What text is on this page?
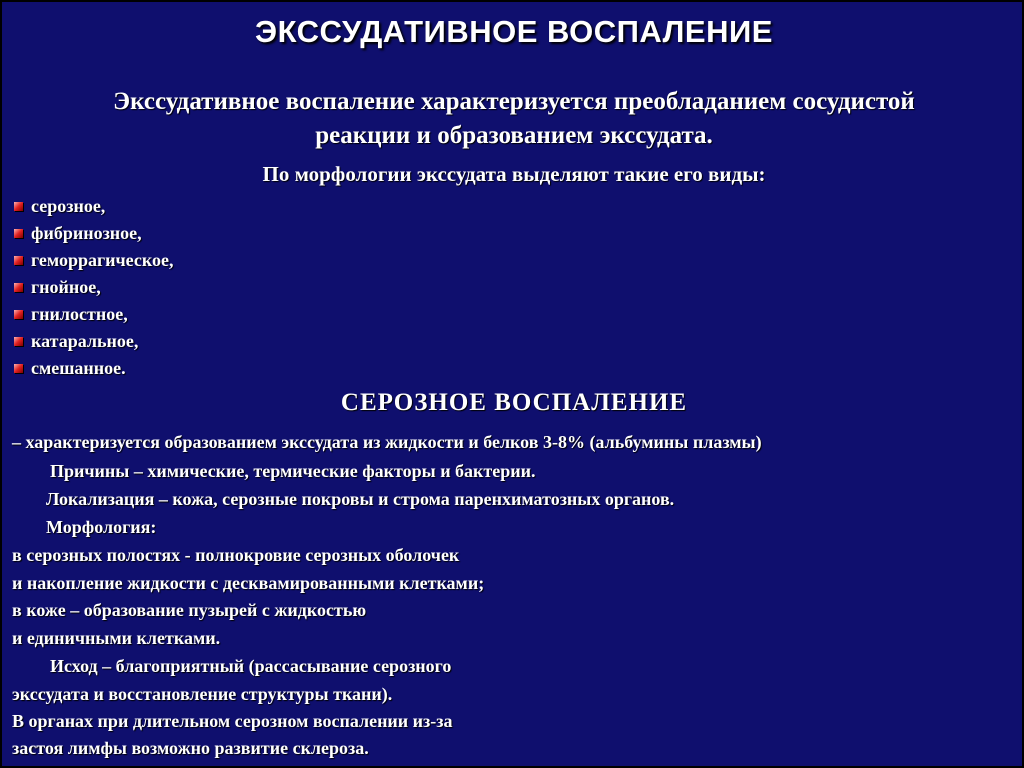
ЭКССУДАТИВНОЕ ВОСПАЛЕНИЕ
Экссудативное воспаление характеризуется преобладанием сосудистой
реакции и образованием экссудата.
По морфологии экссудата выделяют такие его виды:
серозное,
фибринозное,
геморрагическое,
гнойное,
гнилостное,
катаральное,
смешанное.
СЕРОЗНОЕ ВОСПАЛЕНИЕ
– характеризуется образованием экссудата из жидкости и белков 3-8% (альбумины плазмы)
Причины – химические, термические факторы и бактерии.
Локализация – кожа, серозные покровы и строма паренхиматозных органов.
Морфология:
в серозных полостях - полнокровие серозных оболочек
и накопление жидкости с десквамированными клетками;
в коже – образование пузырей с жидкостью
и единичными клетками.
Исход – благоприятный (рассасывание серозного
экссудата и восстановление структуры ткани).
В органах при длительном серозном воспалении из-за
застоя лимфы возможно развитие склероза.
